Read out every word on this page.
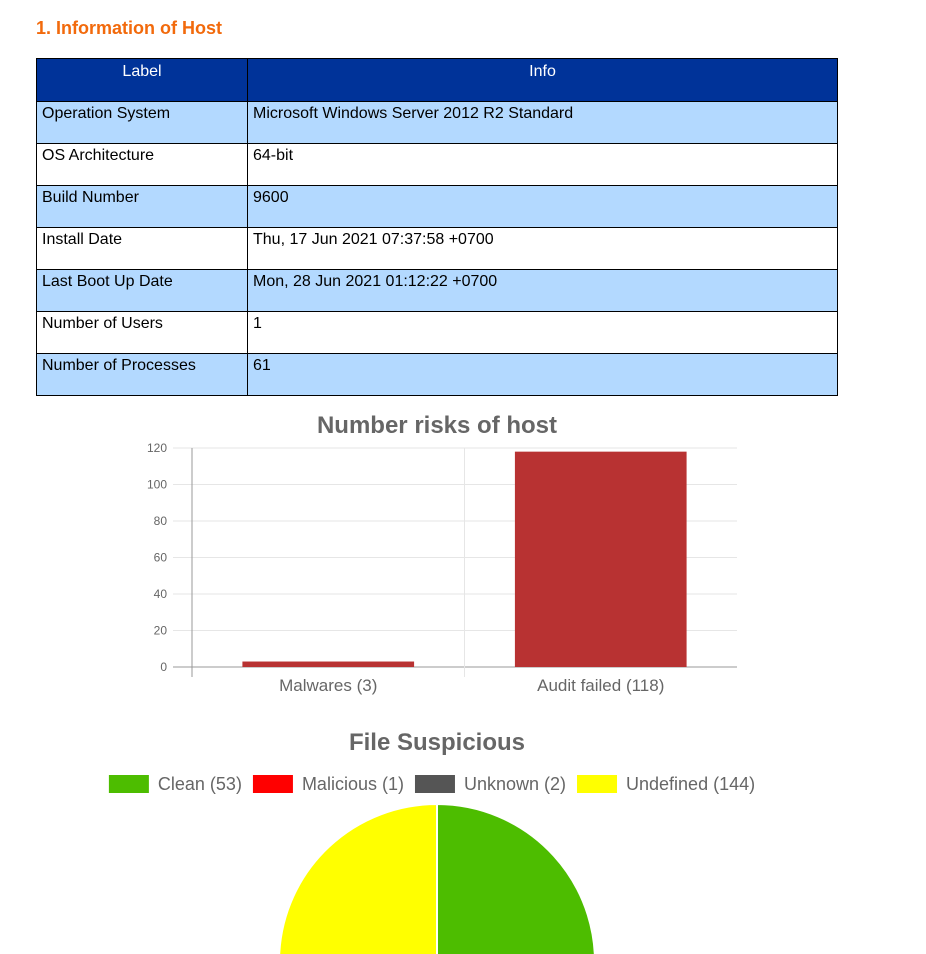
1. Information of Host
Label	Info
Operation System	Microsoft Windows Server 2012 R2 Standard
OS Architecture	64-bit
Build Number	9600
Install Date	Thu, 17 Jun 2021 07:37:58 +0700
Last Boot Up Date	Mon, 28 Jun 2021 01:12:22 +0700
Number of Users	1
Number of Processes	61
Number risks of host
0
20
40
60
80
100
120
Malwares (3)	Audit failed (118)
File Suspicious
Clean (53)	Malicious (1)	Unknown (2)	Undefined (144)
